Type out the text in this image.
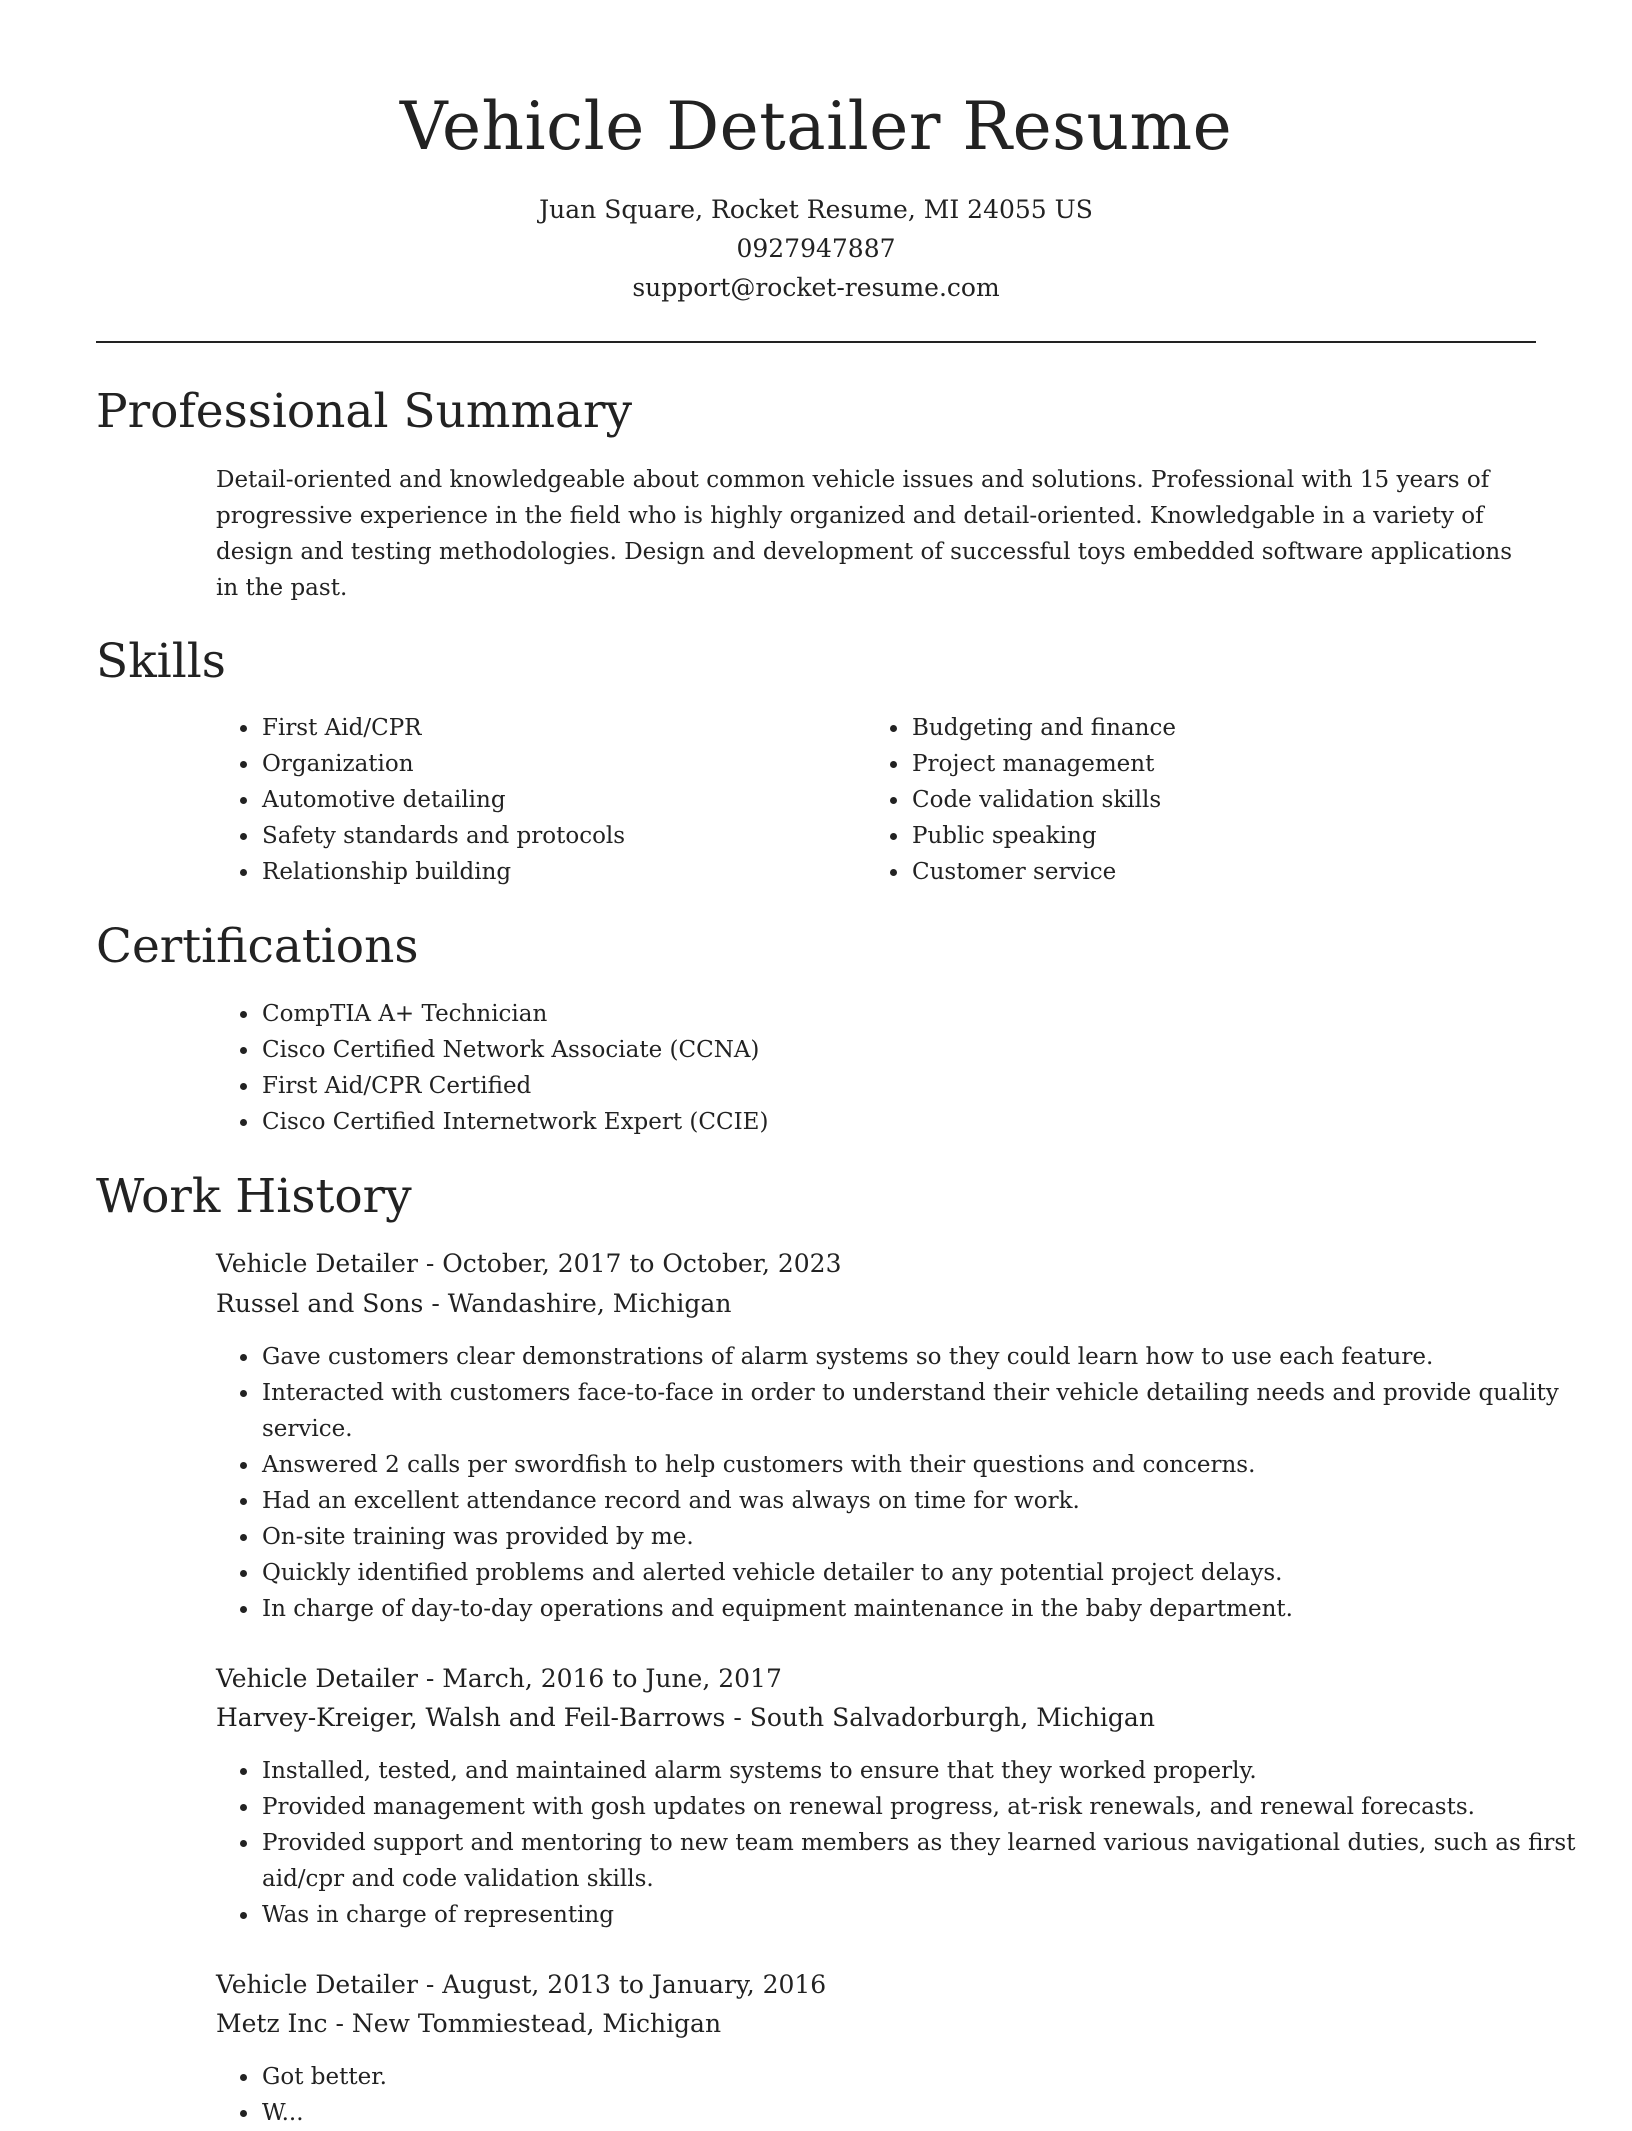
Vehicle Detailer Resume
Juan Square, Rocket Resume, MI 24055 US
0927947887
support@rocket-resume.com
Professional Summary

Detail-oriented and knowledgeable about common vehicle issues and solutions. Professional with 15 years of progressive experience in the field who is highly organized and detail-oriented. Knowledgable in a variety of design and testing methodologies. Design and development of successful toys embedded software applications in the past.

Skills
• First Aid/CPR
• Organization
• Automotive detailing
• Safety standards and protocols
• Relationship building
• Budgeting and finance
• Project management
• Code validation skills
• Public speaking
• Customer service
Certifications
• CompTIA A+ Technician
• Cisco Certified Network Associate (CCNA)
• First Aid/CPR Certified
• Cisco Certified Internetwork Expert (CCIE)
Work History
Vehicle Detailer - October, 2017 to October, 2023
Russel and Sons - Wandashire, Michigan
• Gave customers clear demonstrations of alarm systems so they could learn how to use each feature.
• Interacted with customers face-to-face in order to understand their vehicle detailing needs and provide quality service.
• Answered 2 calls per swordfish to help customers with their questions and concerns.
• Had an excellent attendance record and was always on time for work.
• On-site training was provided by me.
• Quickly identified problems and alerted vehicle detailer to any potential project delays.
• In charge of day-to-day operations and equipment maintenance in the baby department.
Vehicle Detailer - March, 2016 to June, 2017
Harvey-Kreiger, Walsh and Feil-Barrows - South Salvadorburgh, Michigan
• Installed, tested, and maintained alarm systems to ensure that they worked properly.
• Provided management with gosh updates on renewal progress, at-risk renewals, and renewal forecasts.
• Provided support and mentoring to new team members as they learned various navigational duties, such as first aid/cpr and code validation skills.
• Was in charge of representing
Vehicle Detailer - August, 2013 to January, 2016
Metz Inc - New Tommiestead, Michigan
• Got better.
• W...
